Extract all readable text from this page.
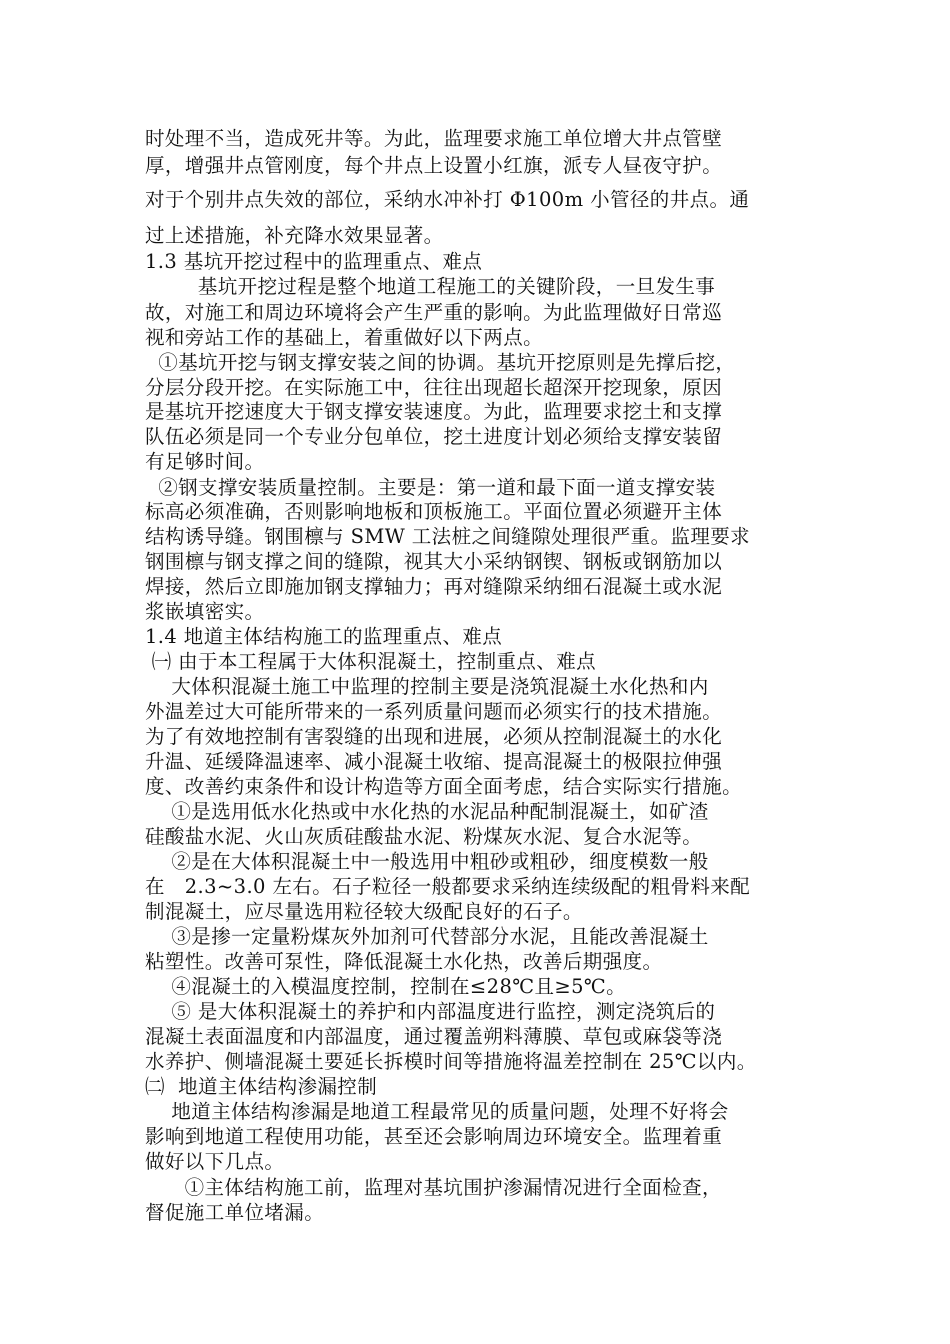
时处理不当，造成死井等。为此，监理要求施工单位增大井点管壁
厚，增强井点管刚度，每个井点上设置小红旗，派专人昼夜守护。
对于个别井点失效的部位，采纳水冲补打 Φ100m 小管径的井点。通
过上述措施，补充降水效果显著。
1.3 基坑开挖过程中的监理重点、难点
基坑开挖过程是整个地道工程施工的关键阶段，一旦发生事
故，对施工和周边环境将会产生严重的影响。为此监理做好日常巡
视和旁站工作的基础上，着重做好以下两点。
①基坑开挖与钢支撑安装之间的协调。基坑开挖原则是先撑后挖，
分层分段开挖。在实际施工中，往往出现超长超深开挖现象，原因
是基坑开挖速度大于钢支撑安装速度。为此，监理要求挖土和支撑
队伍必须是同一个专业分包单位，挖土进度计划必须给支撑安装留
有足够时间。
②钢支撑安装质量控制。主要是：第一道和最下面一道支撑安装
标高必须准确，否则影响地板和顶板施工。平面位置必须避开主体
结构诱导缝。钢围檩与 SMW 工法桩之间缝隙处理很严重。监理要求
钢围檩与钢支撑之间的缝隙，视其大小采纳钢锲、钢板或钢筋加以
焊接，然后立即施加钢支撑轴力；再对缝隙采纳细石混凝土或水泥
浆嵌填密实。
1.4 地道主体结构施工的监理重点、难点
㈠ 由于本工程属于大体积混凝土，控制重点、难点
大体积混凝土施工中监理的控制主要是浇筑混凝土水化热和内
外温差过大可能所带来的一系列质量问题而必须实行的技术措施。
为了有效地控制有害裂缝的出现和进展，必须从控制混凝土的水化
升温、延缓降温速率、减小混凝土收缩、提高混凝土的极限拉伸强
度、改善约束条件和设计构造等方面全面考虑，结合实际实行措施。
①是选用低水化热或中水化热的水泥品种配制混凝土，如矿渣
硅酸盐水泥、火山灰质硅酸盐水泥、粉煤灰水泥、复合水泥等。
②是在大体积混凝土中一般选用中粗砂或粗砂，细度模数一般
在   2.3~3.0 左右。石子粒径一般都要求采纳连续级配的粗骨料来配
制混凝土，应尽量选用粒径较大级配良好的石子。
③是掺一定量粉煤灰外加剂可代替部分水泥，且能改善混凝土
粘塑性。改善可泵性，降低混凝土水化热，改善后期强度。
④混凝土的入模温度控制，控制在≤28℃且≥5℃。
⑤ 是大体积混凝土的养护和内部温度进行监控，测定浇筑后的
混凝土表面温度和内部温度，通过覆盖朔料薄膜、草包或麻袋等浇
水养护、侧墙混凝土要延长拆模时间等措施将温差控制在 25℃以内。
㈡  地道主体结构渗漏控制
地道主体结构渗漏是地道工程最常见的质量问题，处理不好将会
影响到地道工程使用功能，甚至还会影响周边环境安全。监理着重
做好以下几点。
①主体结构施工前，监理对基坑围护渗漏情况进行全面检查，
督促施工单位堵漏。
